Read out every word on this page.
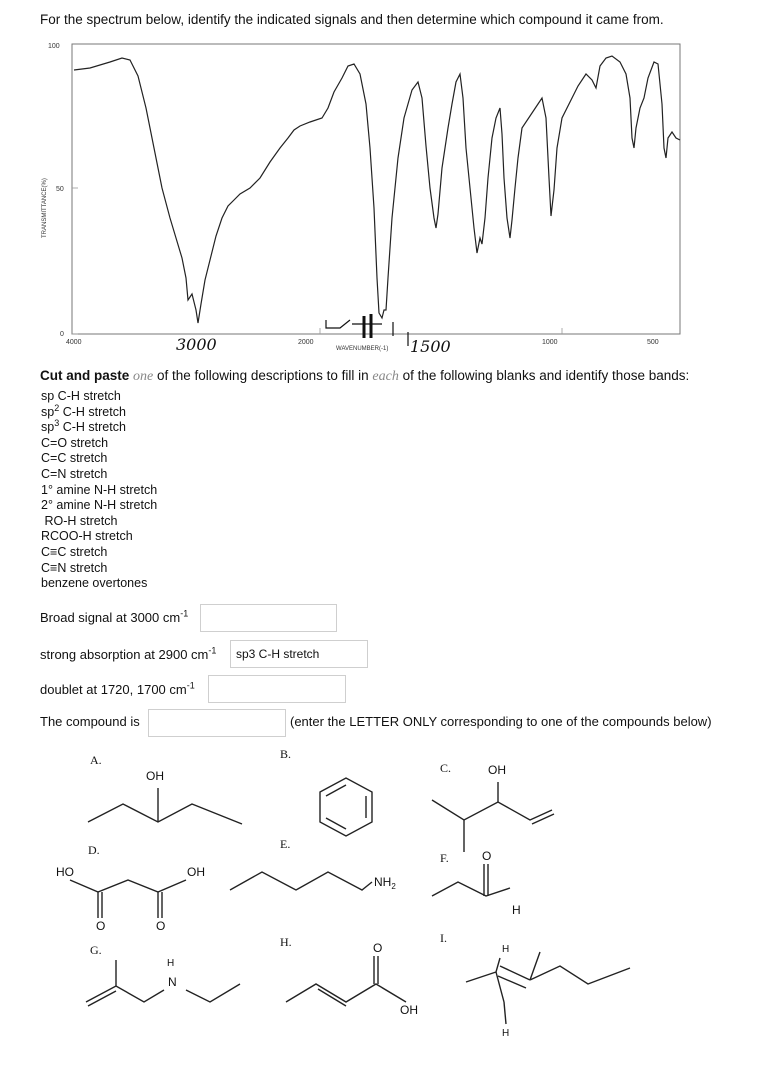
For the spectrum below, identify the indicated signals and then determine which compound it came from.
100
50
0
TRANSMITTANCE(%)
4000	2000	1000	500
WAVENUMBER(-1)
3000	1500
Cut and paste one of the following descriptions to fill in each of the following blanks and identify those bands:
sp C-H stretch
$sp^2$ C-H stretch
$sp^3$ C-H stretch
C=O stretch
C=C stretch
C=N stretch
1° amine N-H stretch
2° amine N-H stretch
RO-H stretch
RCOO-H stretch
C≡C stretch
C≡N stretch
benzene overtones
Broad signal at 3000 $cm^{-1}$
strong absorption at 2900 $cm^{-1}$	sp3 C-H stretch
doublet at 1720, 1700 $cm^{-1}$
The compound is	(enter the LETTER ONLY corresponding to one of the compounds below)
A.	B.
C.
D.	E.
F.
G.
H.	I.
OH	OH
HO	OH
O	O
$NH_2$
O
H
H
N
O
OH
H
H
